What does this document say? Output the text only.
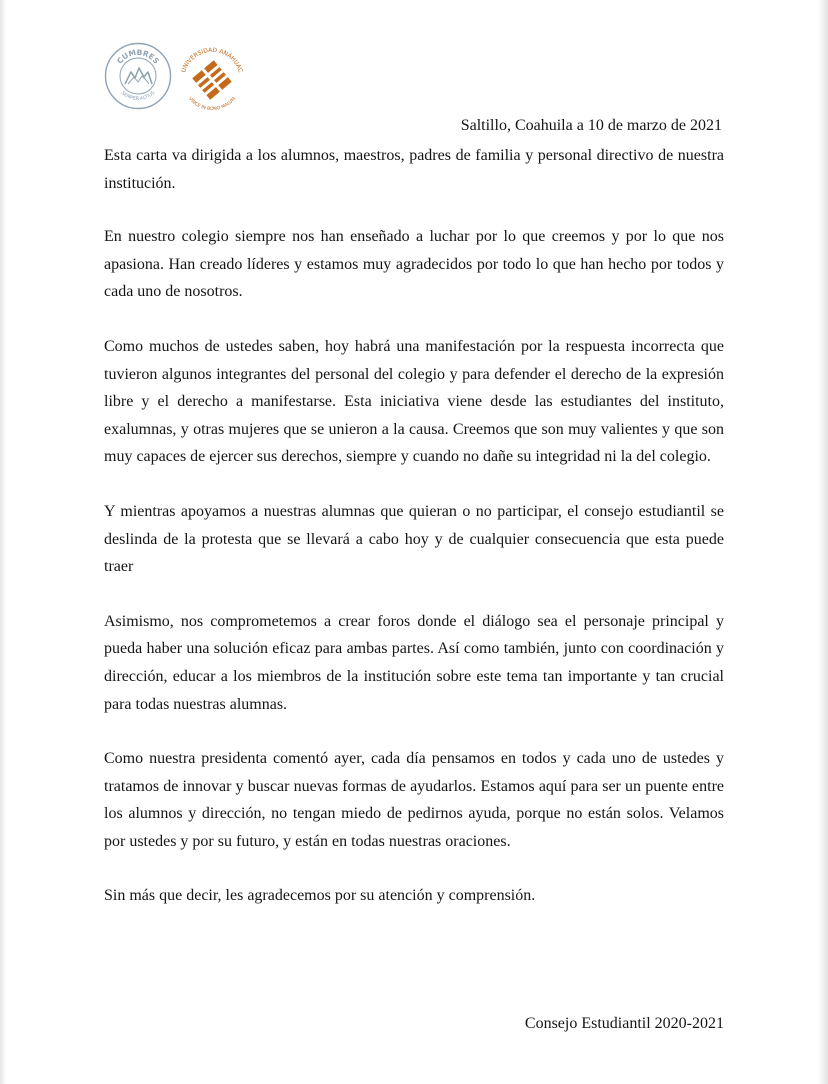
CUMBRES
SEMPER ALTIUS
UNIVERSIDAD ANÁHUAC
VINCE IN BONO MALUM
Saltillo, Coahuila a 10 de marzo de 2021

Esta carta va dirigida a los alumnos, maestros, padres de familia y personal directivo de nuestra institución.

En nuestro colegio siempre nos han enseñado a luchar por lo que creemos y por lo que nos apasiona. Han creado líderes y estamos muy agradecidos por todo lo que han hecho por todos y cada uno de nosotros.

Como muchos de ustedes saben, hoy habrá una manifestación por la respuesta incorrecta que tuvieron algunos integrantes del personal del colegio y para defender el derecho de la expresión libre y el derecho a manifestarse. Esta iniciativa viene desde las estudiantes del instituto, exalumnas, y otras mujeres que se unieron a la causa. Creemos que son muy valientes y que son muy capaces de ejercer sus derechos, siempre y cuando no dañe su integridad ni la del colegio.

Y mientras apoyamos a nuestras alumnas que quieran o no participar, el consejo estudiantil se deslinda de la protesta que se llevará a cabo hoy y de cualquier consecuencia que esta puede traer

Asimismo, nos comprometemos a crear foros donde el diálogo sea el personaje principal y pueda haber una solución eficaz para ambas partes. Así como también, junto con coordinación y dirección, educar a los miembros de la institución sobre este tema tan importante y tan crucial para todas nuestras alumnas.

Como nuestra presidenta comentó ayer, cada día pensamos en todos y cada uno de ustedes y tratamos de innovar y buscar nuevas formas de ayudarlos. Estamos aquí para ser un puente entre los alumnos y dirección, no tengan miedo de pedirnos ayuda, porque no están solos. Velamos por ustedes y por su futuro, y están en todas nuestras oraciones.

Sin más que decir, les agradecemos por su atención y comprensión.

Consejo Estudiantil 2020-2021
